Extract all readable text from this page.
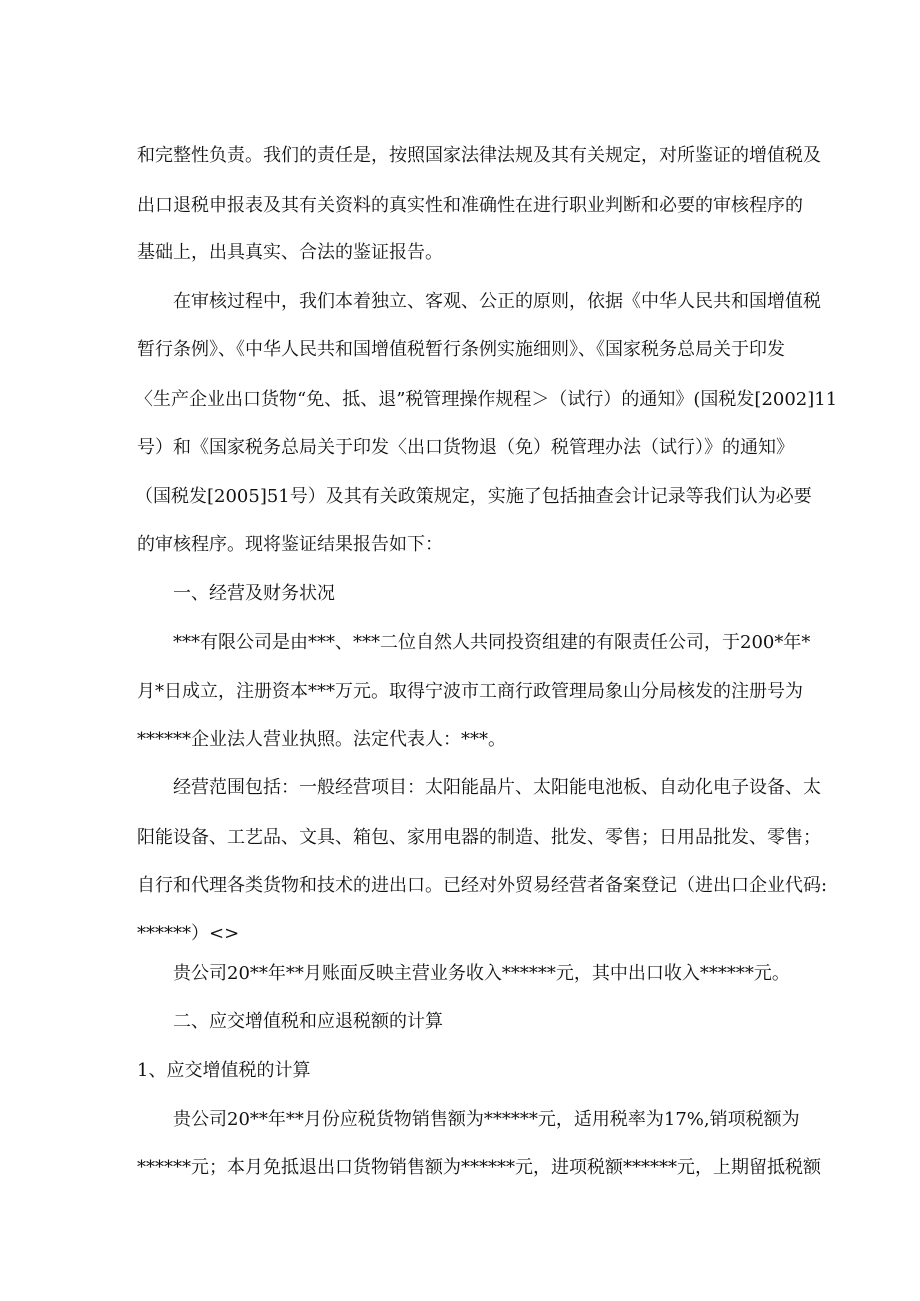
和完整性负责。我们的责任是，按照国家法律法规及其有关规定，对所鉴证的增值税及
出口退税申报表及其有关资料的真实性和准确性在进行职业判断和必要的审核程序的
基础上，出具真实、合法的鉴证报告。
在审核过程中，我们本着独立、客观、公正的原则，依据《中华人民共和国增值税
暂行条例》、《中华人民共和国增值税暂行条例实施细则》、《国家税务总局关于印发
〈生产企业出口货物“免、抵、退”税管理操作规程＞（试行）的通知》(国税发[2002]11
号）和《国家税务总局关于印发〈出口货物退（免）税管理办法（试行）》的通知》
（国税发[2005]51号）及其有关政策规定，实施了包括抽查会计记录等我们认为必要
的审核程序。现将鉴证结果报告如下：
一、经营及财务状况
***有限公司是由***、***二位自然人共同投资组建的有限责任公司，于200*年*
月*日成立，注册资本***万元。取得宁波市工商行政管理局象山分局核发的注册号为
******企业法人营业执照。法定代表人：***。
经营范围包括：一般经营项目：太阳能晶片、太阳能电池板、自动化电子设备、太
阳能设备、工艺品、文具、箱包、家用电器的制造、批发、零售；日用品批发、零售；
自行和代理各类货物和技术的进出口。已经对外贸易经营者备案登记（进出口企业代码:
******）<>
贵公司20**年**月账面反映主营业务收入******元，其中出口收入******元。
二、应交增值税和应退税额的计算
1、应交增值税的计算
贵公司20**年**月份应税货物销售额为******元，适用税率为17%,销项税额为
******元；本月免抵退出口货物销售额为******元，进项税额******元，上期留抵税额
